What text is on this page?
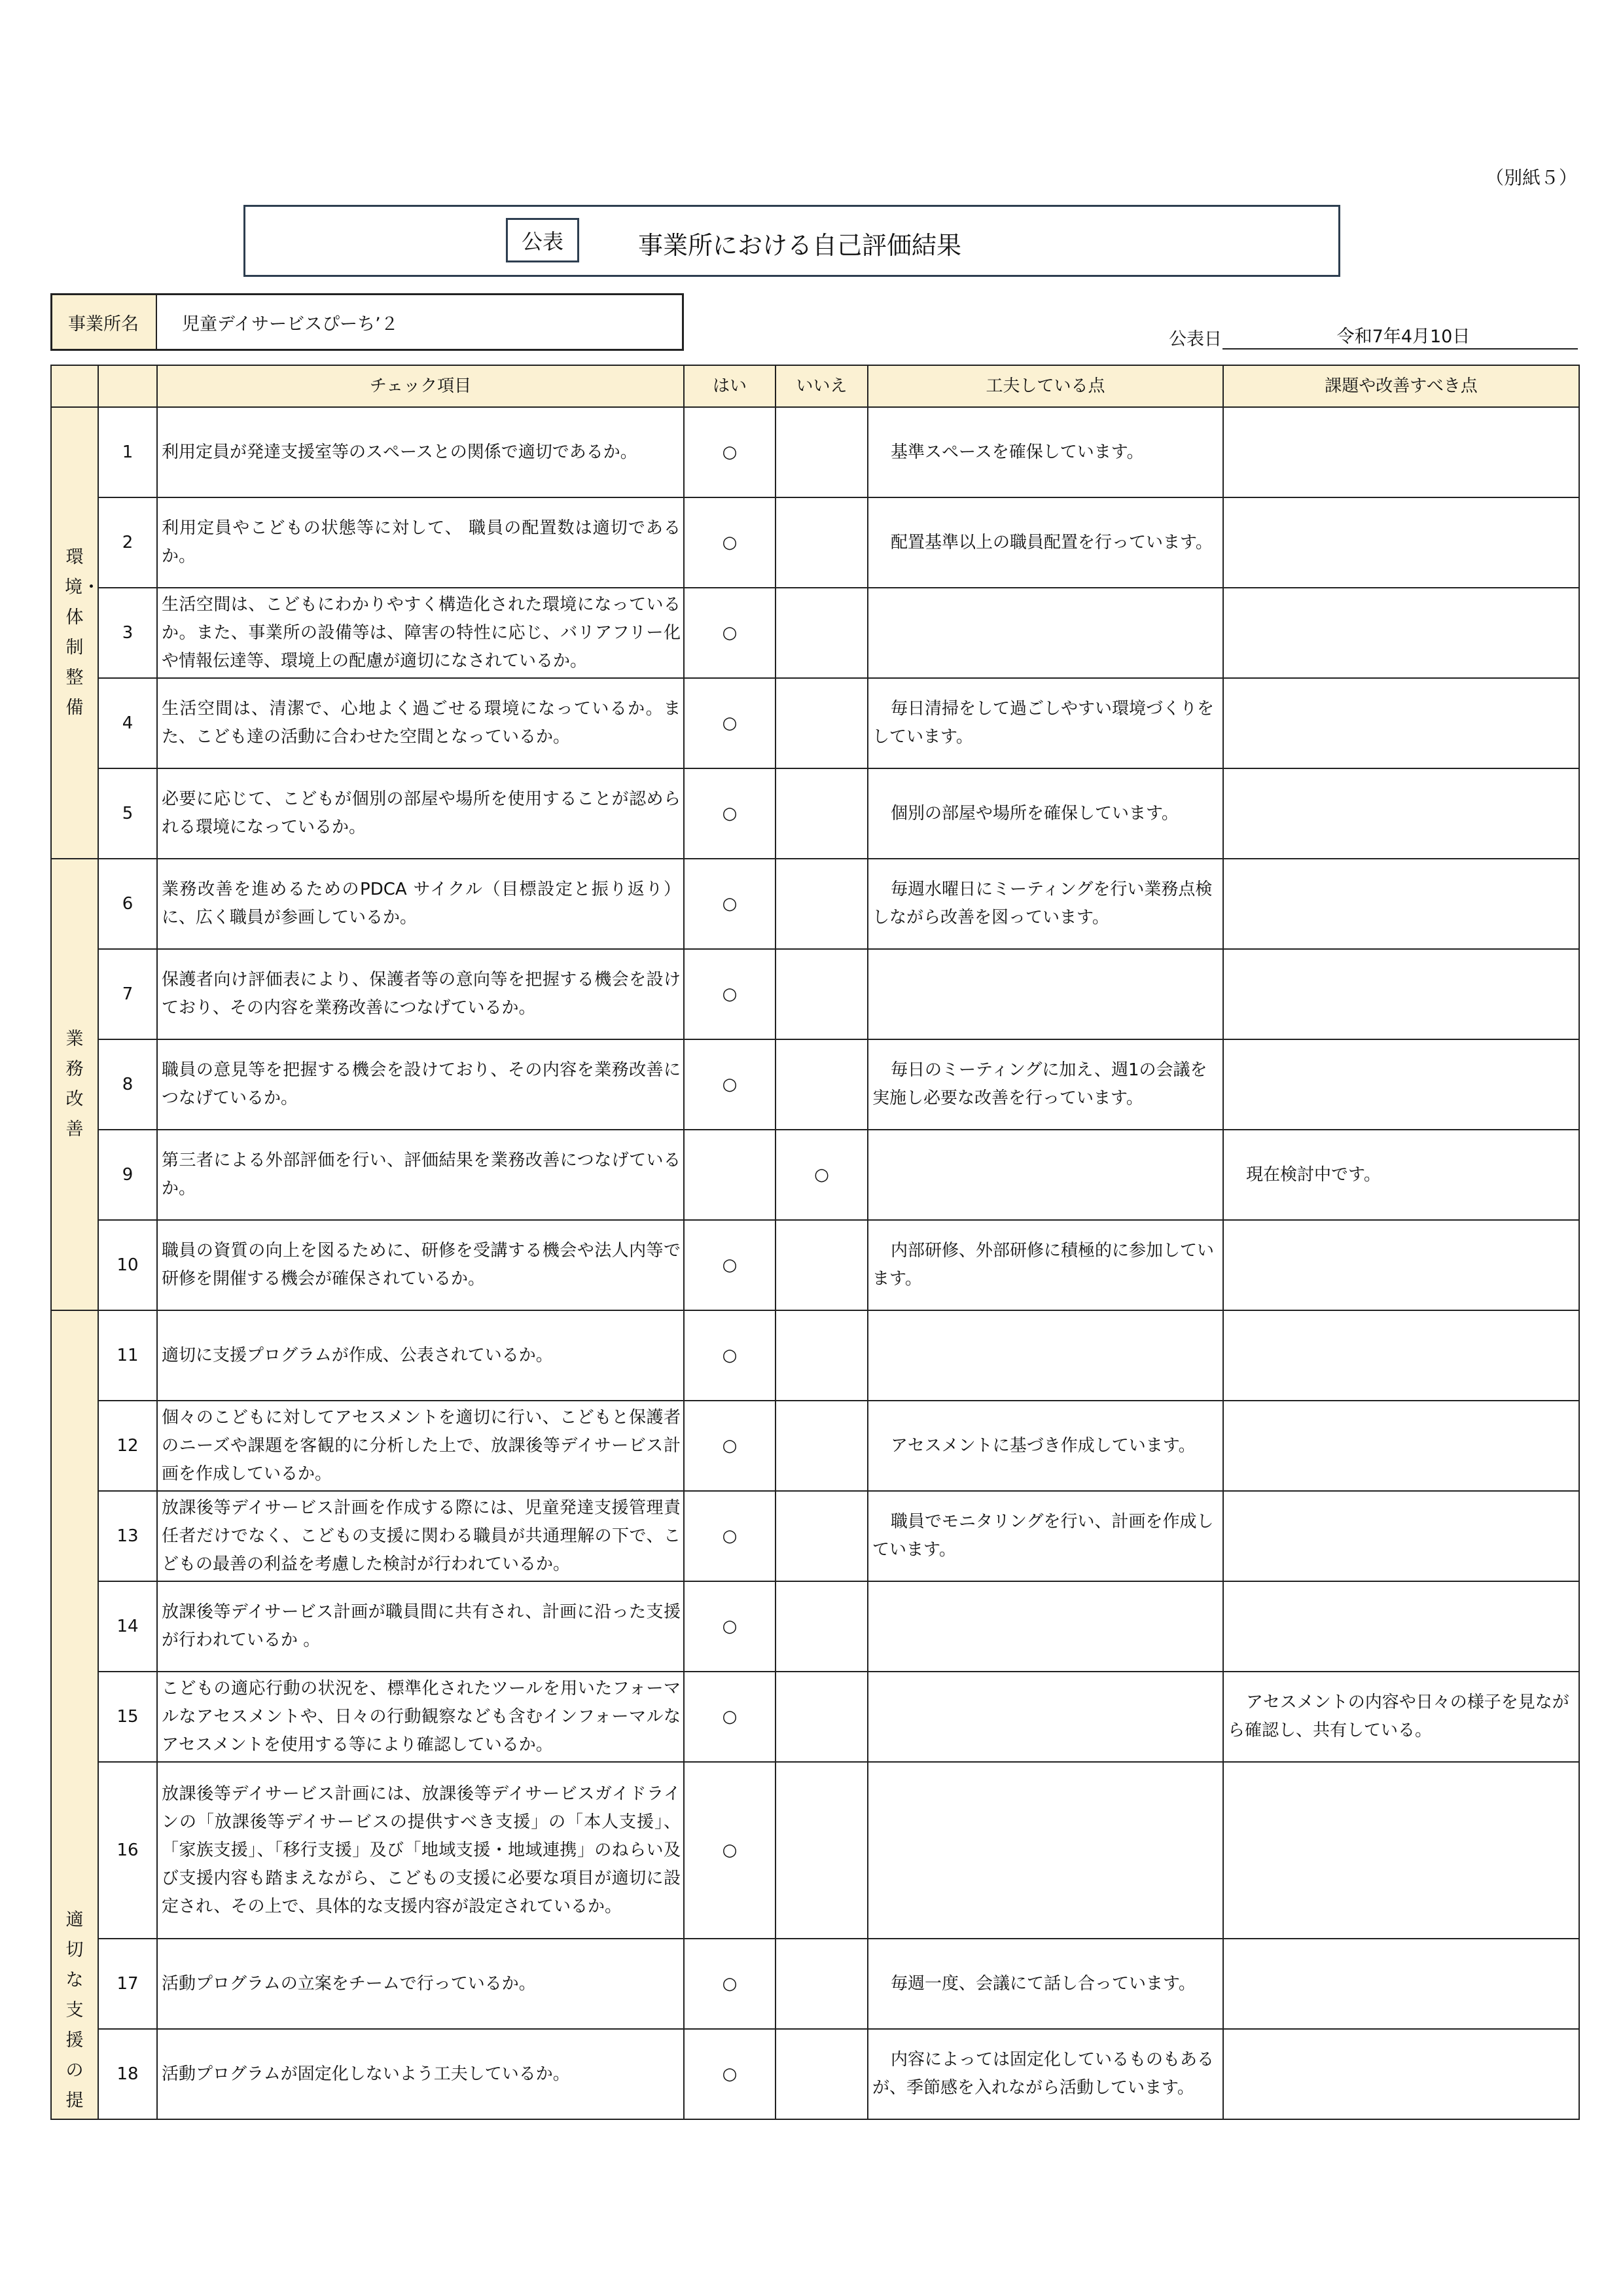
（別紙５）
公表	事業所における自己評価結果
事業所名	児童デイサービスぴーち’２
公表日	令和7年4月10日
		チェック項目	はい	いいえ	工夫している点	課題や改善すべき点
環境・体制整備	1	利用定員が発達支援室等のスペースとの関係で適切であるか。	○		基準スペースを確保しています。	
	2	利用定員やこどもの状態等に対して、 職員の配置数は適切であるか。	○		配置基準以上の職員配置を行っています。	
	3	生活空間は、こどもにわかりやすく構造化された環境になっているか。また、事業所の設備等は、障害の特性に応じ、バリアフリー化や情報伝達等、環境上の配慮が適切になされているか。	○			
	4	生活空間は、清潔で、心地よく過ごせる環境になっているか。また、こども達の活動に合わせた空間となっているか。	○		毎日清掃をして過ごしやすい環境づくりをしています。	
	5	必要に応じて、こどもが個別の部屋や場所を使用することが認められる環境になっているか。	○		個別の部屋や場所を確保しています。	
業務改善	6	業務改善を進めるためのPDCA サイクル（目標設定と振り返り）に、広く職員が参画しているか。	○		毎週水曜日にミーティングを行い業務点検しながら改善を図っています。	
	7	保護者向け評価表により、保護者等の意向等を把握する機会を設けており、その内容を業務改善につなげているか。	○			
	8	職員の意見等を把握する機会を設けており、その内容を業務改善につなげているか。	○		毎日のミーティングに加え、週1の会議を実施し必要な改善を行っています。	
	9	第三者による外部評価を行い、評価結果を業務改善につなげているか。		○		現在検討中です。
	10	職員の資質の向上を図るために、研修を受講する機会や法人内等で研修を開催する機会が確保されているか。	○		内部研修、外部研修に積極的に参加しています。	
適切な支援の提	11	適切に支援プログラムが作成、公表されているか。	○			
	12	個々のこどもに対してアセスメントを適切に行い、こどもと保護者のニーズや課題を客観的に分析した上で、放課後等デイサービス計画を作成しているか。	○		アセスメントに基づき作成しています。	
	13	放課後等デイサービス計画を作成する際には、児童発達支援管理責任者だけでなく、こどもの支援に関わる職員が共通理解の下で、こどもの最善の利益を考慮した検討が行われているか。	○		職員でモニタリングを行い、計画を作成しています。	
	14	放課後等デイサービス計画が職員間に共有され、計画に沿った支援が行われているか 。	○			
	15	こどもの適応行動の状況を、標準化されたツールを用いたフォーマルなアセスメントや、日々の行動観察なども含むインフォーマルなアセスメントを使用する等により確認しているか。	○			アセスメントの内容や日々の様子を見ながら確認し、共有している。
	16	放課後等デイサービス計画には、放課後等デイサービスガイドラインの「放課後等デイサービスの提供すべき支援」の「本人支援」、「家族支援」、「移行支援」及び「地域支援・地域連携」のねらい及び支援内容も踏まえながら、こどもの支援に必要な項目が適切に設定され、その上で、具体的な支援内容が設定されているか。	○			
	17	活動プログラムの立案をチームで行っているか。	○		毎週一度、会議にて話し合っています。	
	18	活動プログラムが固定化しないよう工夫しているか。	○		内容によっては固定化しているものもあるが、季節感を入れながら活動しています。	
